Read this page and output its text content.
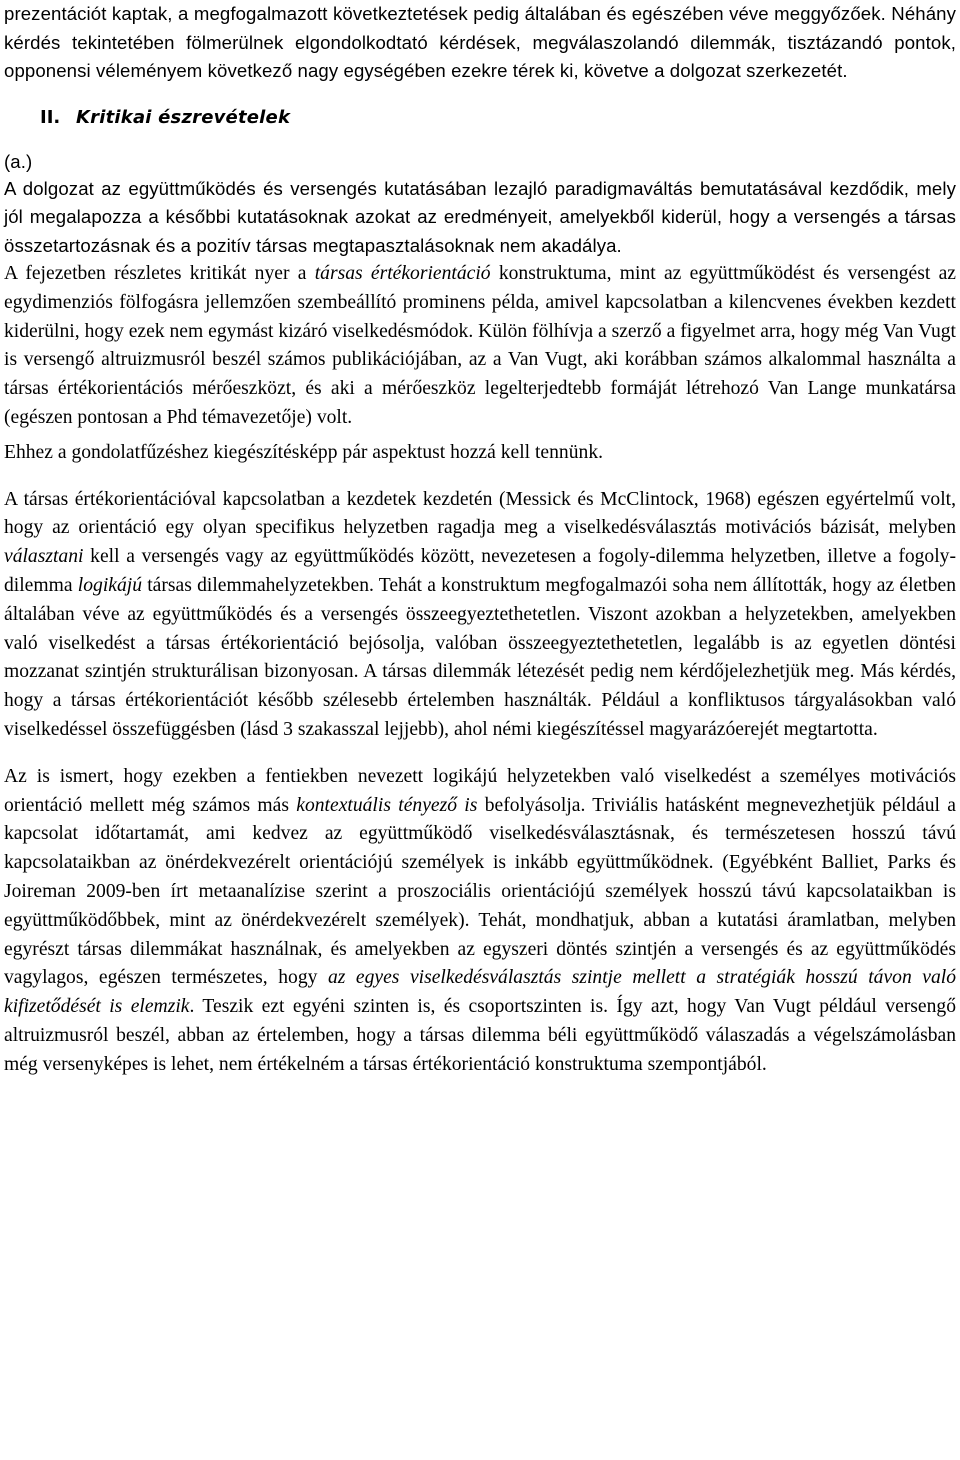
prezentációt kaptak, a megfogalmazott következtetések pedig általában és egészében véve meggyőzőek. Néhány kérdés tekintetében fölmerülnek elgondolkodtató kérdések, megválaszolandó dilemmák, tisztázandó pontok, opponensi véleményem következő nagy egységében ezekre térek ki, követve a dolgozat szerkezetét.

II. Kritikai észrevételek

(a.)

A dolgozat az együttműködés és versengés kutatásában lezajló paradigmaváltás bemutatásával kezdődik, mely jól megalapozza a későbbi kutatásoknak azokat az eredményeit, amelyekből kiderül, hogy a versengés a társas összetartozásnak és a pozitív társas megtapasztalásoknak nem akadálya.

A fejezetben részletes kritikát nyer a társas értékorientáció konstruktuma, mint az együttműködést és versengést az egydimenziós fölfogásra jellemzően szembeállító prominens példa, amivel kapcsolatban a kilencvenes években kezdett kiderülni, hogy ezek nem egymást kizáró viselkedésmódok. Külön fölhívja a szerző a figyelmet arra, hogy még Van Vugt is versengő altruizmusról beszél számos publikációjában, az a Van Vugt, aki korábban számos alkalommal használta a társas értékorientációs mérőeszközt, és aki a mérőeszköz legelterjedtebb formáját létrehozó Van Lange munkatársa (egészen pontosan a Phd témavezetője) volt.

Ehhez a gondolatfűzéshez kiegészítésképp pár aspektust hozzá kell tennünk.

A társas értékorientációval kapcsolatban a kezdetek kezdetén (Messick és McClintock, 1968) egészen egyértelmű volt, hogy az orientáció egy olyan specifikus helyzetben ragadja meg a viselkedésválasztás motivációs bázisát, melyben választani kell a versengés vagy az együttműködés között, nevezetesen a fogoly-dilemma helyzetben, illetve a fogoly-dilemma logikájú társas dilemmahelyzetekben. Tehát a konstruktum megfogalmazói soha nem állították, hogy az életben általában véve az együttműködés és a versengés összeegyeztethetetlen. Viszont azokban a helyzetekben, amelyekben való viselkedést a társas értékorientáció bejósolja, valóban összeegyeztethetetlen, legalább is az egyetlen döntési mozzanat szintjén strukturálisan bizonyosan. A társas dilemmák létezését pedig nem kérdőjelezhetjük meg. Más kérdés, hogy a társas értékorientációt később szélesebb értelemben használták. Például a konfliktusos tárgyalásokban való viselkedéssel összefüggésben (lásd 3 szakasszal lejjebb), ahol némi kiegészítéssel magyarázóerejét megtartotta.

Az is ismert, hogy ezekben a fentiekben nevezett logikájú helyzetekben való viselkedést a személyes motivációs orientáció mellett még számos más kontextuális tényező is befolyásolja. Triviális hatásként megnevezhetjük például a kapcsolat időtartamát, ami kedvez az együttműködő viselkedésválasztásnak, és természetesen hosszú távú kapcsolataikban az önérdekvezérelt orientációjú személyek is inkább együttműködnek. (Egyébként Balliet, Parks és Joireman 2009-ben írt metaanalízise szerint a proszociális orientációjú személyek hosszú távú kapcsolataikban is együttműködőbbek, mint az önérdekvezérelt személyek). Tehát, mondhatjuk, abban a kutatási áramlatban, melyben egyrészt társas dilemmákat használnak, és amelyekben az egyszeri döntés szintjén a versengés és az együttműködés vagylagos, egészen természetes, hogy az egyes viselkedésválasztás szintje mellett a stratégiák hosszú távon való kifizetődését is elemzik. Teszik ezt egyéni szinten is, és csoportszinten is. Így azt, hogy Van Vugt például versengő altruizmusról beszél, abban az értelemben, hogy a társas dilemma béli együttműködő válaszadás a végelszámolásban még versenyképes is lehet, nem értékelném a társas értékorientáció konstruktuma szempontjából.
